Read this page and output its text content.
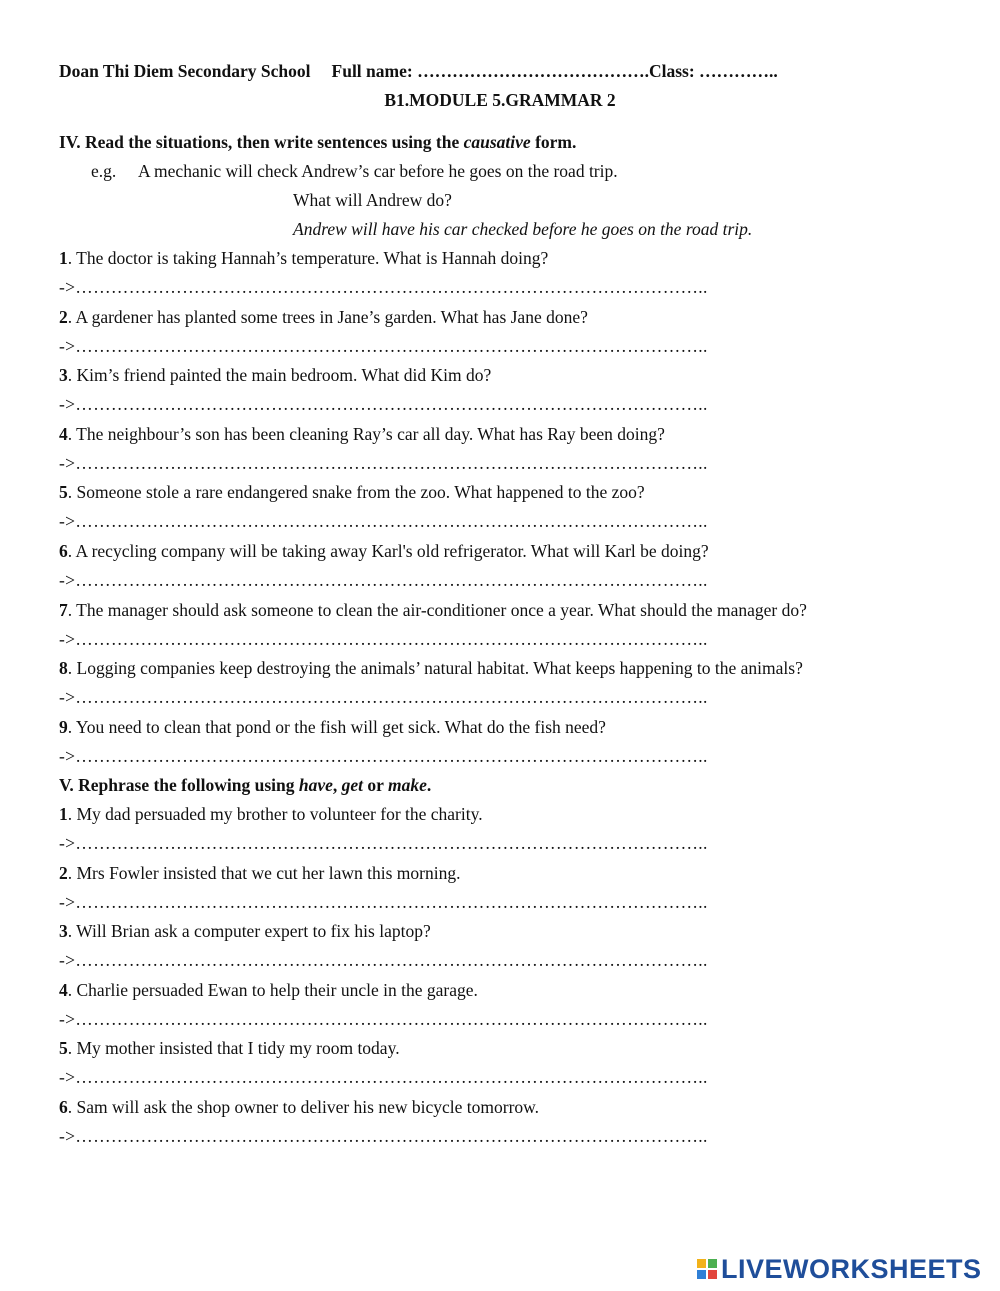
Doan Thi Diem Secondary School Full name: ………………………………….Class: …………..
B1.MODULE 5.GRAMMAR 2
IV. Read the situations, then write sentences using the causative form.
e.g. A mechanic will check Andrew’s car before he goes on the road trip.
What will Andrew do?
Andrew will have his car checked before he goes on the road trip.
1. The doctor is taking Hannah’s temperature. What is Hannah doing?
->……………………………………………………………………………………………..
2. A gardener has planted some trees in Jane’s garden. What has Jane done?
->……………………………………………………………………………………………..
3. Kim’s friend painted the main bedroom. What did Kim do?
->……………………………………………………………………………………………..
4. The neighbour’s son has been cleaning Ray’s car all day. What has Ray been doing?
->……………………………………………………………………………………………..
5. Someone stole a rare endangered snake from the zoo. What happened to the zoo?
->……………………………………………………………………………………………..
6. A recycling company will be taking away Karl's old refrigerator. What will Karl be doing?
->……………………………………………………………………………………………..
7. The manager should ask someone to clean the air-conditioner once a year. What should the manager do?
->……………………………………………………………………………………………..
8. Logging companies keep destroying the animals’ natural habitat. What keeps happening to the animals?
->……………………………………………………………………………………………..
9. You need to clean that pond or the fish will get sick. What do the fish need?
->……………………………………………………………………………………………..
V. Rephrase the following using have, get or make.
1. My dad persuaded my brother to volunteer for the charity.
->……………………………………………………………………………………………..
2. Mrs Fowler insisted that we cut her lawn this morning.
->……………………………………………………………………………………………..
3. Will Brian ask a computer expert to fix his laptop?
->……………………………………………………………………………………………..
4. Charlie persuaded Ewan to help their uncle in the garage.
->……………………………………………………………………………………………..
5. My mother insisted that I tidy my room today.
->……………………………………………………………………………………………..
6. Sam will ask the shop owner to deliver his new bicycle tomorrow.
->……………………………………………………………………………………………..
LIVEWORKSHEETS
